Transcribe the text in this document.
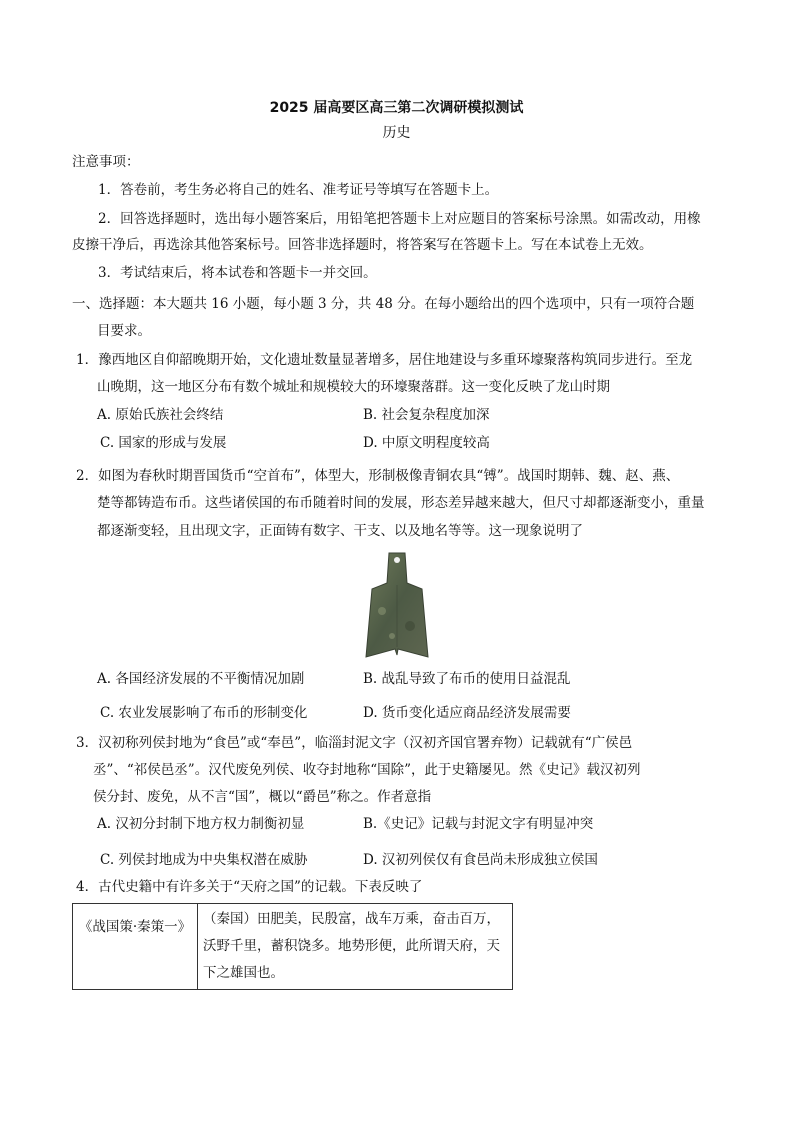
2025 届高要区高三第二次调研模拟测试
历史
注意事项：
1．答卷前，考生务必将自己的姓名、准考证号等填写在答题卡上。
2．回答选择题时，选出每小题答案后，用铅笔把答题卡上对应题目的答案标号涂黑。如需改动，用橡
皮擦干净后，再选涂其他答案标号。回答非选择题时，将答案写在答题卡上。写在本试卷上无效。
3．考试结束后，将本试卷和答题卡一并交回。
一、选择题：本大题共 16 小题，每小题 3 分，共 48 分。在每小题给出的四个选项中，只有一项符合题
目要求。
1．豫西地区自仰韶晚期开始，文化遗址数量显著增多，居住地建设与多重环壕聚落构筑同步进行。至龙
山晚期，这一地区分布有数个城址和规模较大的环壕聚落群。这一变化反映了龙山时期
A. 原始氏族社会终结	B. 社会复杂程度加深
C. 国家的形成与发展	D. 中原文明程度较高
2．如图为春秋时期晋国货币“空首布”，体型大，形制极像青铜农具“镈”。战国时期韩、魏、赵、燕、
楚等都铸造布币。这些诸侯国的布币随着时间的发展，形态差异越来越大，但尺寸却都逐渐变小，重量
都逐渐变轻，且出现文字，正面铸有数字、干支、以及地名等等。这一现象说明了
A. 各国经济发展的不平衡情况加剧	B. 战乱导致了布币的使用日益混乱
C. 农业发展影响了布币的形制变化	D. 货币变化适应商品经济发展需要
3．汉初称列侯封地为“食邑”或“奉邑”，临淄封泥文字（汉初齐国官署弃物）记载就有“广侯邑
丞”、“祁侯邑丞”。汉代废免列侯、收夺封地称“国除”，此于史籍屡见。然《史记》载汉初列
侯分封、废免，从不言“国”，概以“爵邑”称之。作者意指
A. 汉初分封制下地方权力制衡初显	B.《史记》记载与封泥文字有明显冲突
C. 列侯封地成为中央集权潜在威胁	D. 汉初列侯仅有食邑尚未形成独立侯国
4．古代史籍中有许多关于“天府之国”的记载。下表反映了
《战国策·秦策一》	（秦国）田肥美，民殷富，战车万乘，奋击百万，沃野千里，蓄积饶多。地势形便，此所谓天府，天下之雄国也。
